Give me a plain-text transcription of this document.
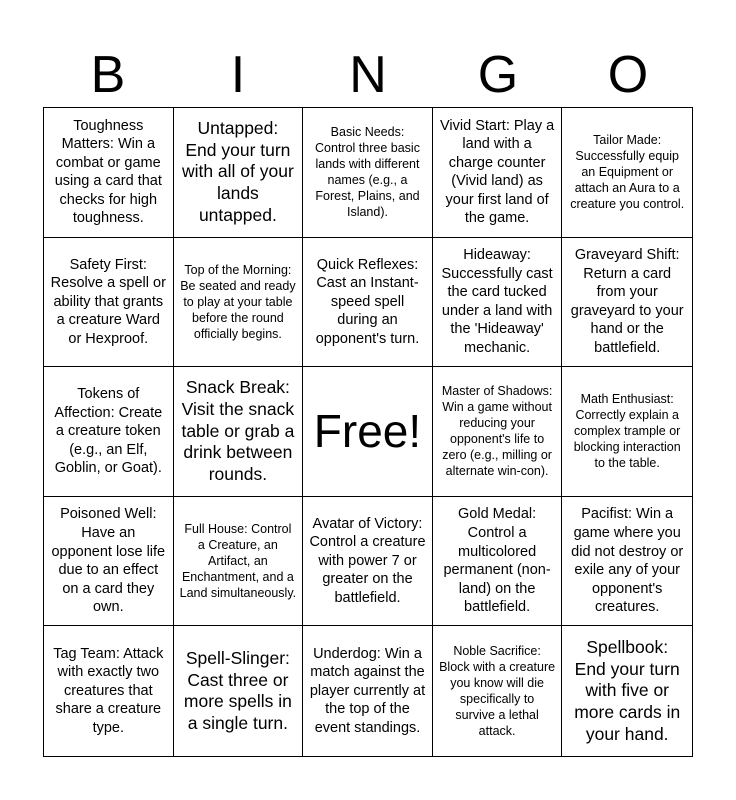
B	I	N	G	O
Toughness Matters: Win a combat or game using a card that checks for high toughness.
Untapped: End your turn with all of your lands untapped.
Basic Needs: Control three basic lands with different names (e.g., a Forest, Plains, and Island).
Vivid Start: Play a land with a charge counter (Vivid land) as your first land of the game.
Tailor Made: Successfully equip an Equipment or attach an Aura to a creature you control.
Safety First: Resolve a spell or ability that grants a creature Ward or Hexproof.
Top of the Morning: Be seated and ready to play at your table before the round officially begins.
Quick Reflexes: Cast an Instant-speed spell during an opponent's turn.
Hideaway: Successfully cast the card tucked under a land with the 'Hideaway' mechanic.
Graveyard Shift: Return a card from your graveyard to your hand or the battlefield.
Tokens of Affection: Create a creature token (e.g., an Elf, Goblin, or Goat).
Snack Break: Visit the snack table or grab a drink between rounds.
Free!
Master of Shadows: Win a game without reducing your opponent's life to zero (e.g., milling or alternate win-con).
Math Enthusiast: Correctly explain a complex trample or blocking interaction to the table.
Poisoned Well: Have an opponent lose life due to an effect on a card they own.
Full House: Control a Creature, an Artifact, an Enchantment, and a Land simultaneously.
Avatar of Victory: Control a creature with power 7 or greater on the battlefield.
Gold Medal: Control a multicolored permanent (non-land) on the battlefield.
Pacifist: Win a game where you did not destroy or exile any of your opponent's creatures.
Tag Team: Attack with exactly two creatures that share a creature type.
Spell-Slinger: Cast three or more spells in a single turn.
Underdog: Win a match against the player currently at the top of the event standings.
Noble Sacrifice: Block with a creature you know will die specifically to survive a lethal attack.
Spellbook: End your turn with five or more cards in your hand.
